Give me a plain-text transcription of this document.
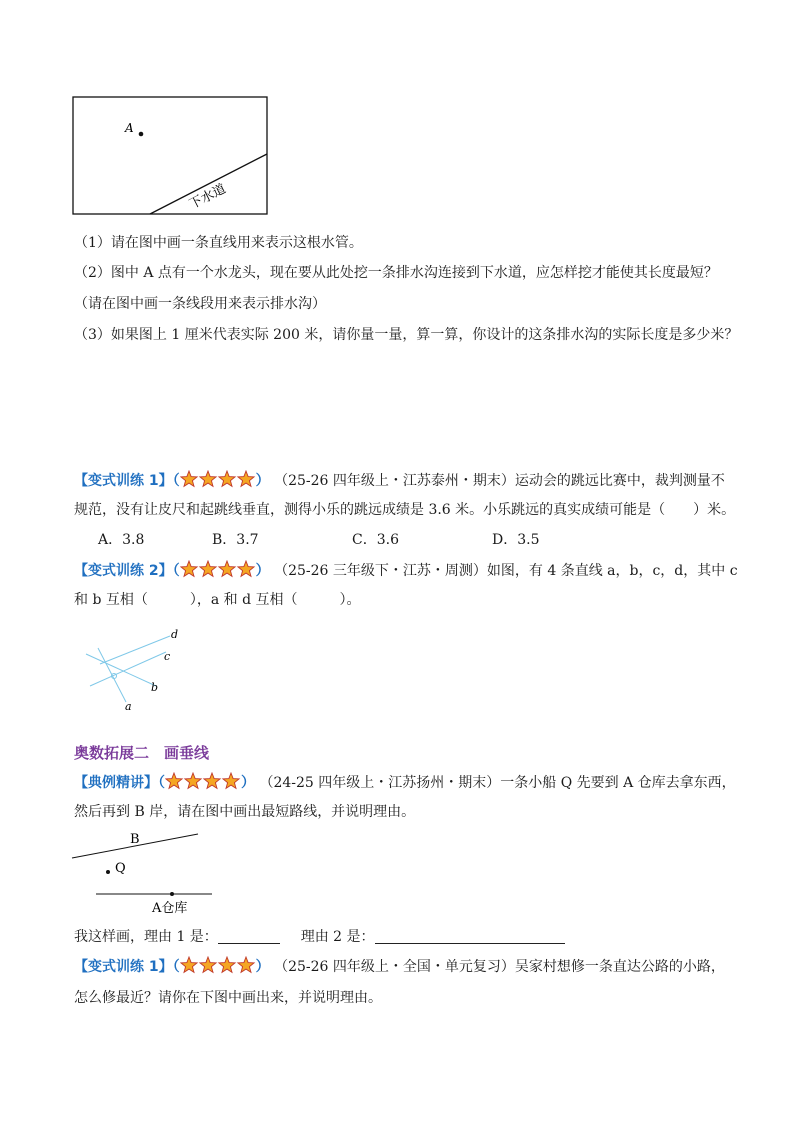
A
下水道
（1）请在图中画一条直线用来表示这根水管。
（2）图中 A 点有一个水龙头，现在要从此处挖一条排水沟连接到下水道，应怎样挖才能使其长度最短？
（请在图中画一条线段用来表示排水沟）
（3）如果图上 1 厘米代表实际 200 米，请你量一量，算一算，你设计的这条排水沟的实际长度是多少米？
【变式训练 1】（	） （25-26 四年级上・江苏泰州・期末）运动会的跳远比赛中，裁判测量不
规范，没有让皮尺和起跳线垂直，测得小乐的跳远成绩是 3.6 米。小乐跳远的真实成绩可能是（　　）米。
A．3.8	B．3.7	C．3.6	D．3.5
【变式训练 2】（	） （25-26 三年级下・江苏・周测）如图，有 4 条直线 a，b，c，d，其中 c
和 b 互相（　　　），a 和 d 互相（　　　）。
d
c
b
a
奥数拓展二　画垂线
【典例精讲】（	） （24-25 四年级上・江苏扬州・期末）一条小船 Q 先要到 A 仓库去拿东西，
然后再到 B 岸，请在图中画出最短路线，并说明理由。
B
Q
A仓库
我这样画，理由 1 是：	理由 2 是：
【变式训练 1】（	） （25-26 四年级上・全国・单元复习）吴家村想修一条直达公路的小路，
怎么修最近？请你在下图中画出来，并说明理由。
